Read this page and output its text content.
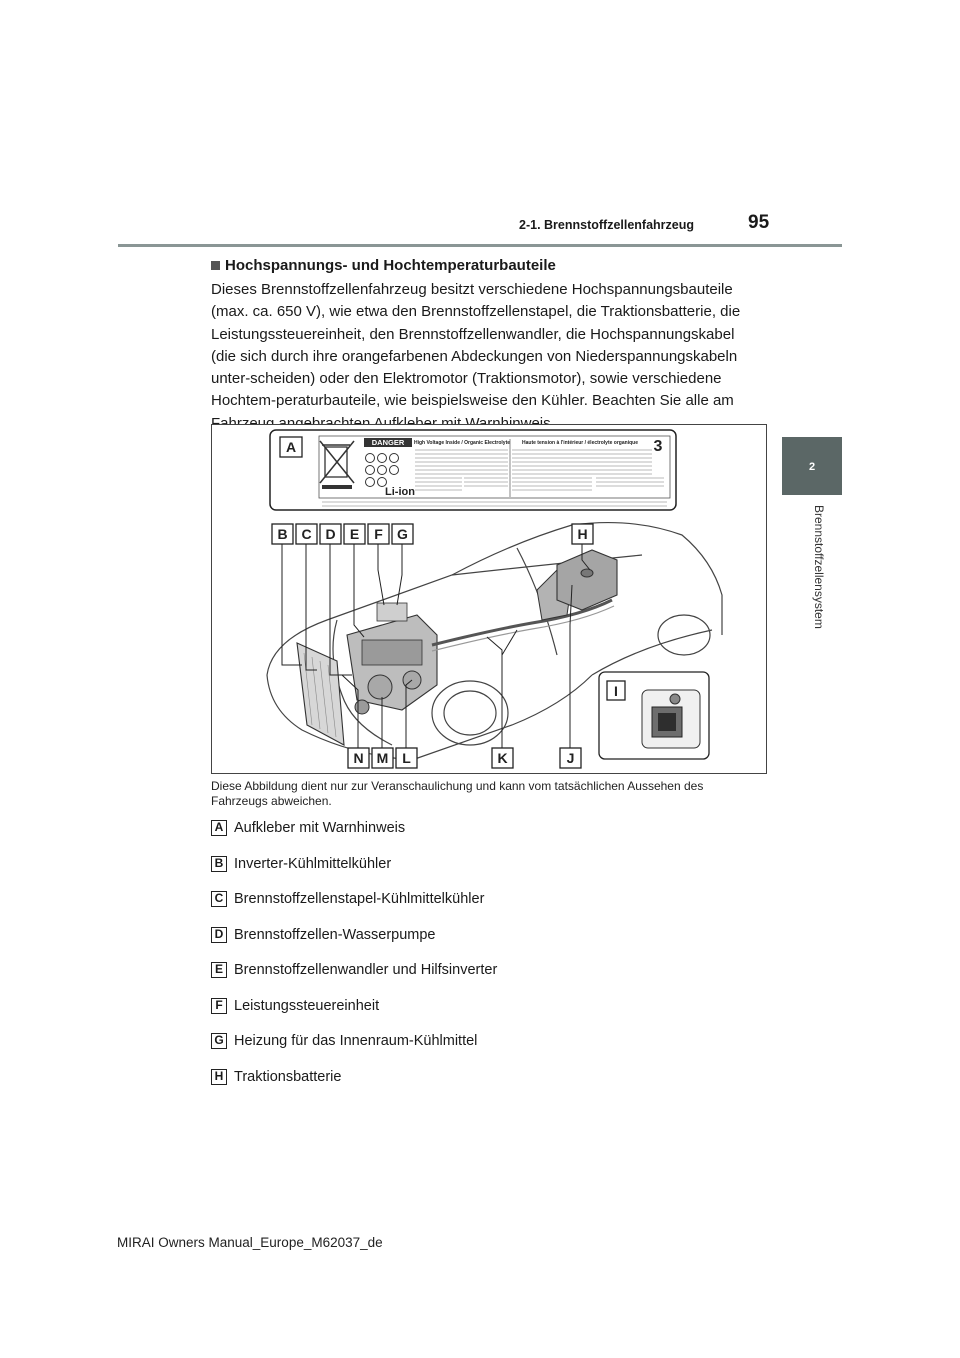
2-1. Brennstoffzellenfahrzeug	95
2
Brennstoffzellensystem
Hochspannungs- und Hochtemperaturbauteile
Dieses Brennstoffzellenfahrzeug besitzt verschiedene Hochspannungsbauteile (max. ca. 650 V), wie etwa den Brennstoffzellenstapel, die Traktionsbatterie, die Leistungssteuereinheit, den Brennstoffzellenwandler, die Hochspannungskabel (die sich durch ihre orangefarbenen Abdeckungen von Niederspannungskabeln unter-scheiden) oder den Elektromotor (Traktionsmotor), sowie verschiedene Hochtem-peraturbauteile, wie beispielsweise den Kühler. Beachten Sie alle am
DANGER
Li-ion
High Voltage Inside / Organic Electrolyte Haute tension à l'intérieur / électrolyte organique 3
A
B C D E F G	H
I
N M L	K	J
Diese Abbildung dient nur zur Veranschaulichung und kann vom tatsächlichen Aussehen des Fahrzeugs abweichen.
A Aufkleber mit Warnhinweis
B Inverter-Kühlmittelkühler
C Brennstoffzellenstapel-Kühlmittelkühler
D Brennstoffzellen-Wasserpumpe
E Brennstoffzellenwandler und Hilfsinverter
F Leistungssteuereinheit
G Heizung für das Innenraum-Kühlmittel
H Traktionsbatterie
MIRAI Owners Manual_Europe_M62037_de
